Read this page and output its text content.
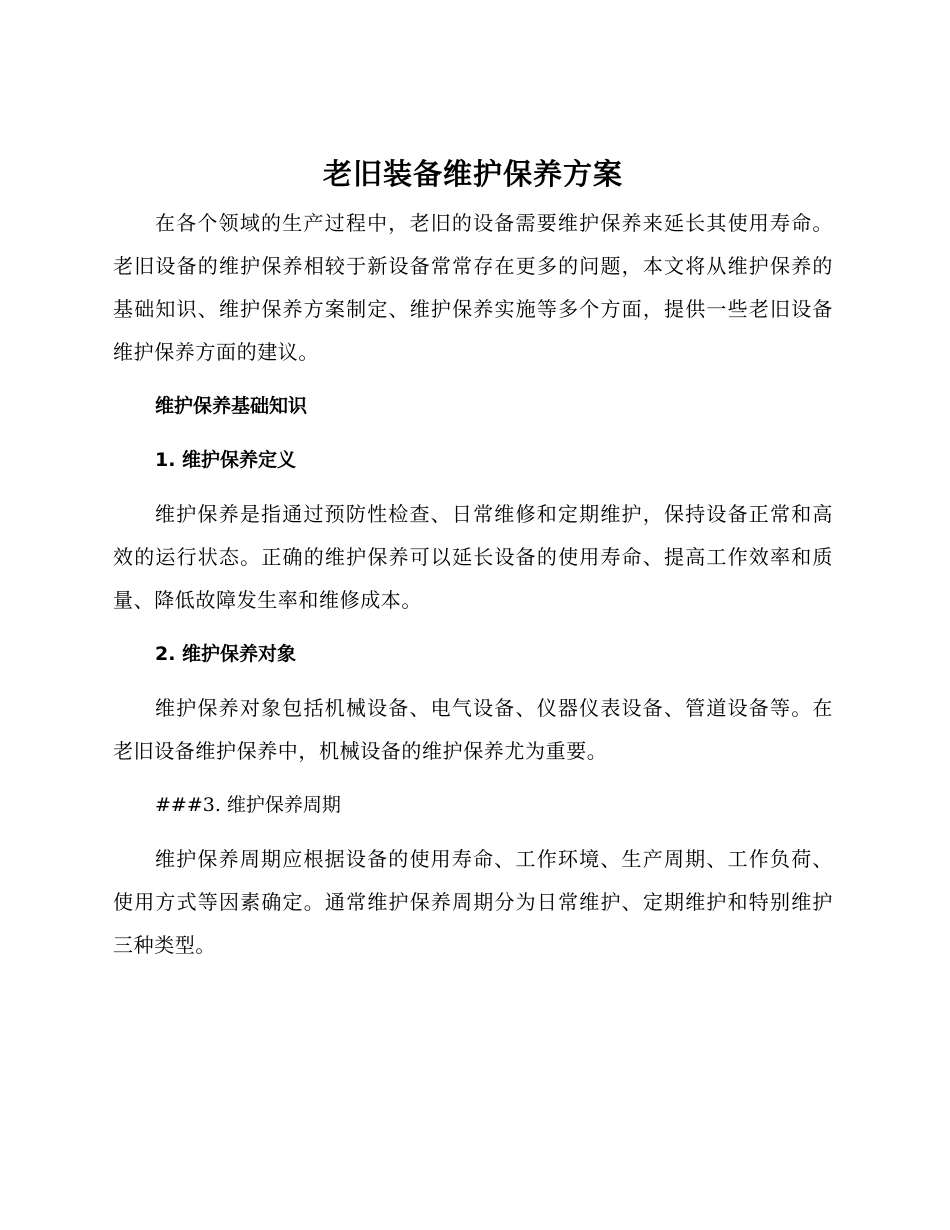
老旧装备维护保养方案

在各个领域的生产过程中，老旧的设备需要维护保养来延长其使用寿命。老旧设备的维护保养相较于新设备常常存在更多的问题，本文将从维护保养的基础知识、维护保养方案制定、维护保养实施等多个方面，提供一些老旧设备维护保养方面的建议。

维护保养基础知识
1. 维护保养定义

维护保养是指通过预防性检查、日常维修和定期维护，保持设备正常和高效的运行状态。正确的维护保养可以延长设备的使用寿命、提高工作效率和质量、降低故障发生率和维修成本。

2. 维护保养对象

维护保养对象包括机械设备、电气设备、仪器仪表设备、管道设备等。在老旧设备维护保养中，机械设备的维护保养尤为重要。

###3. 维护保养周期

维护保养周期应根据设备的使用寿命、工作环境、生产周期、工作负荷、使用方式等因素确定。通常维护保养周期分为日常维护、定期维护和特别维护三种类型。
